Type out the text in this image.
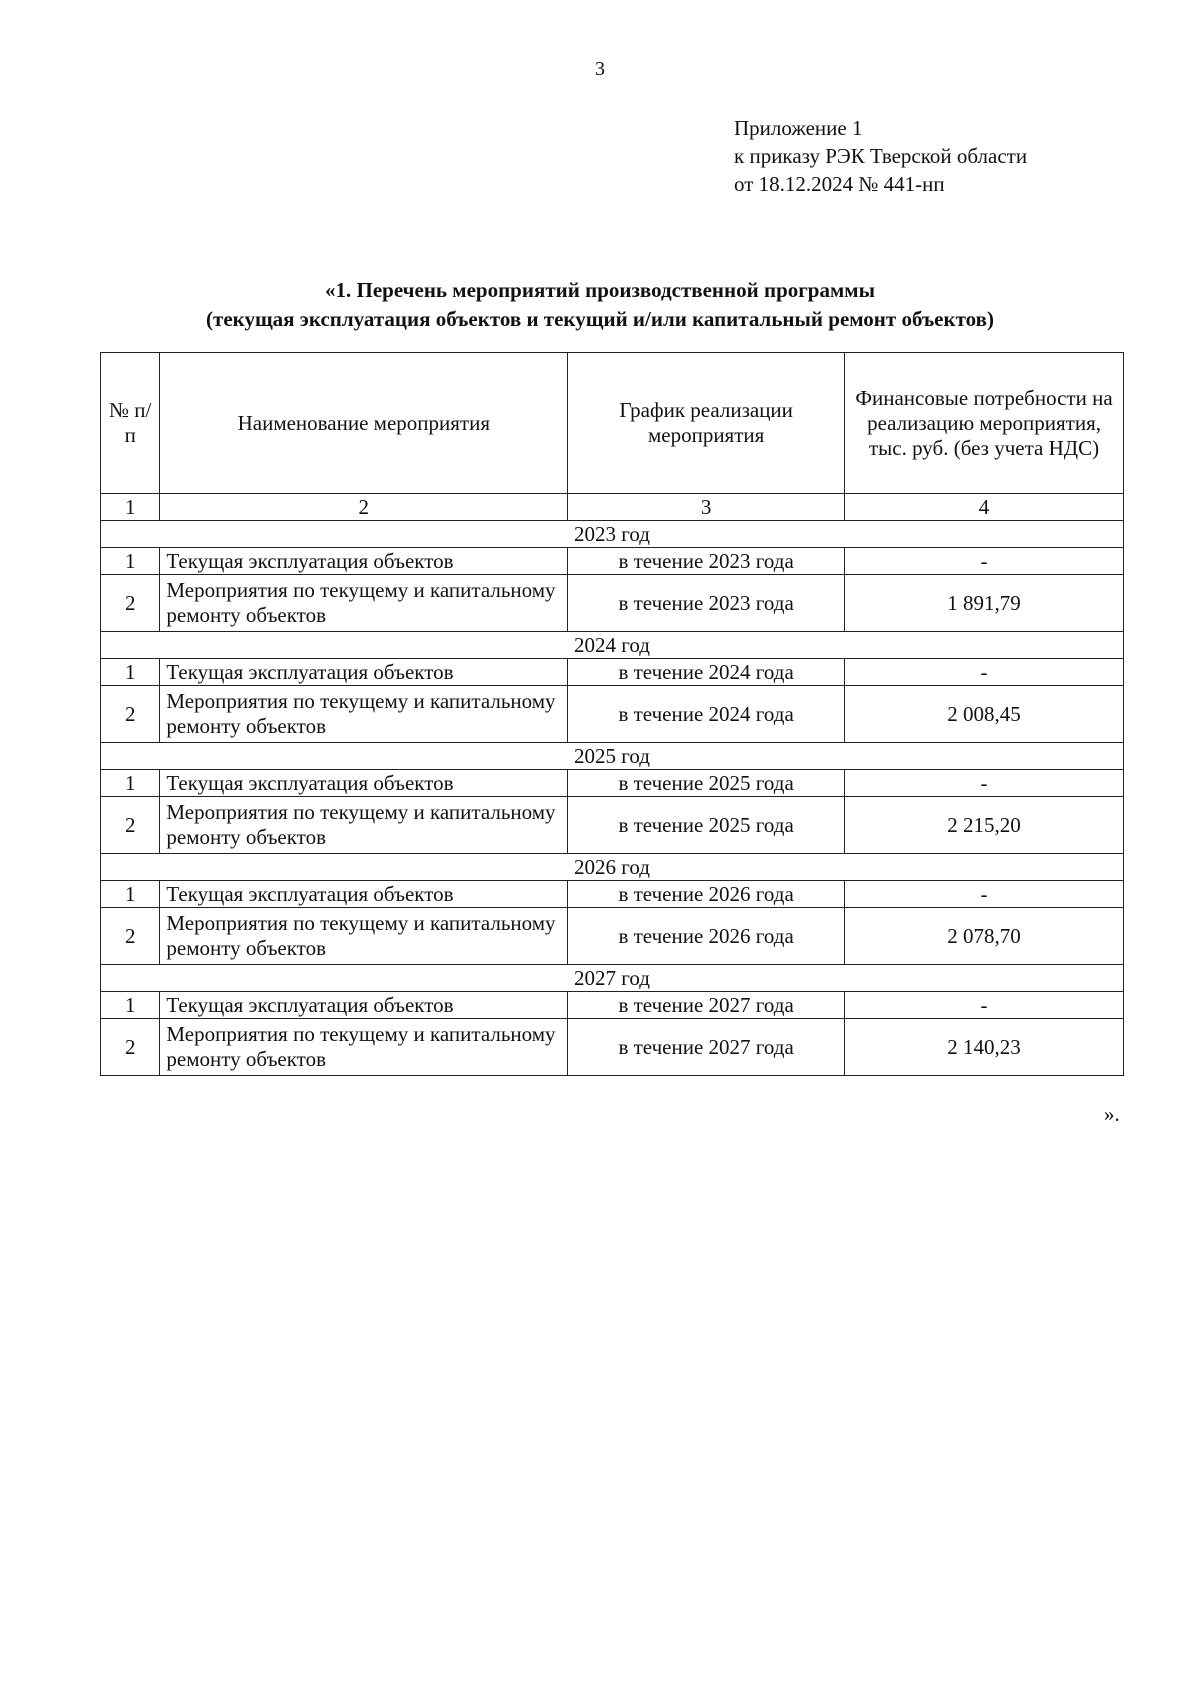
3
Приложение 1
к приказу РЭК Тверской области
от 18.12.2024 № 441-нп
«1. Перечень мероприятий производственной программы
(текущая эксплуатация объектов и текущий и/или капитальный ремонт объектов)
№ п/п	Наименование мероприятия	График реализации мероприятия	Финансовые потребности на реализацию мероприятия, тыс. руб. (без учета НДС)
1	2	3	4
2023 год			
1	Текущая эксплуатация объектов	в течение 2023 года	-
2	Мероприятия по текущему и капитальному ремонту объектов	в течение 2023 года	1 891,79
2024 год			
1	Текущая эксплуатация объектов	в течение 2024 года	-
2	Мероприятия по текущему и капитальному ремонту объектов	в течение 2024 года	2 008,45
2025 год			
1	Текущая эксплуатация объектов	в течение 2025 года	-
2	Мероприятия по текущему и капитальному ремонту объектов	в течение 2025 года	2 215,20
2026 год			
1	Текущая эксплуатация объектов	в течение 2026 года	-
2	Мероприятия по текущему и капитальному ремонту объектов	в течение 2026 года	2 078,70
2027 год			
1	Текущая эксплуатация объектов	в течение 2027 года	-
2	Мероприятия по текущему и капитальному ремонту объектов	в течение 2027 года	2 140,23
».
